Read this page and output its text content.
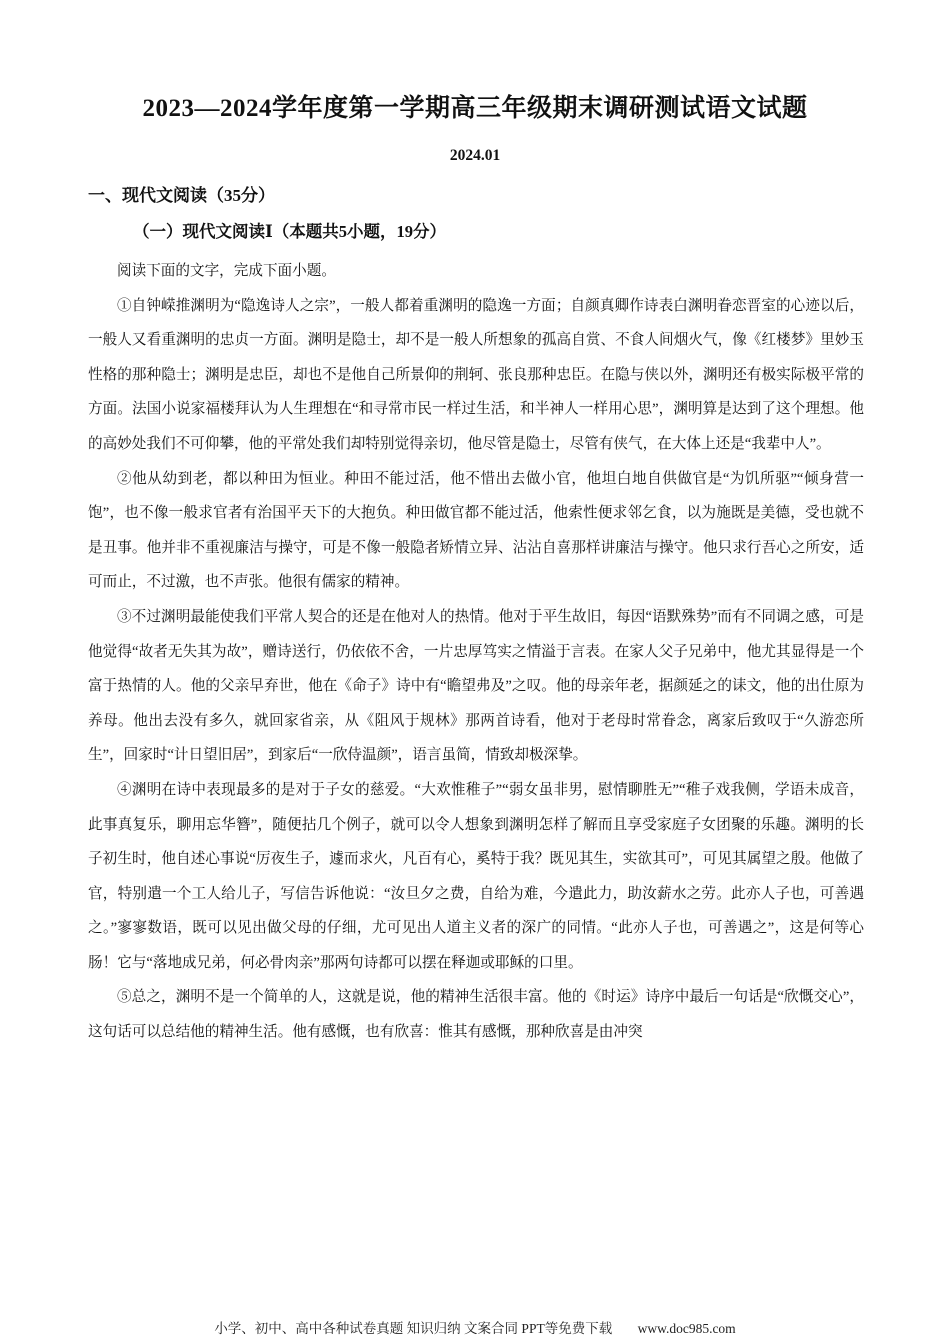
2023—2024学年度第一学期高三年级期末调研测试语文试题
2024.01
一、现代文阅读（35分）
（一）现代文阅读Ⅰ（本题共5小题，19分）

阅读下面的文字，完成下面小题。

①自钟嵘推渊明为“隐逸诗人之宗”，一般人都着重渊明的隐逸一方面；自颜真卿作诗表白渊明眷恋晋室的心迹以后，一般人又看重渊明的忠贞一方面。渊明是隐士，却不是一般人所想象的孤高自赏、不食人间烟火气，像《红楼梦》里妙玉性格的那种隐士；渊明是忠臣，却也不是他自己所景仰的荆轲、张良那种忠臣。在隐与侠以外，渊明还有极实际极平常的方面。法国小说家福楼拜认为人生理想在“和寻常市民一样过生活，和半神人一样用心思”，渊明算是达到了这个理想。他的高妙处我们不可仰攀，他的平常处我们却特别觉得亲切，他尽管是隐士，尽管有侠气，在大体上还是“我辈中人”。

②他从幼到老，都以种田为恒业。种田不能过活，他不惜出去做小官，他坦白地自供做官是“为饥所驱”“倾身营一饱”，也不像一般求官者有治国平天下的大抱负。种田做官都不能过活，他索性便求邻乞食，以为施既是美德，受也就不是丑事。他并非不重视廉洁与操守，可是不像一般隐者矫情立异、沾沾自喜那样讲廉洁与操守。他只求行吾心之所安，适可而止，不过激，也不声张。他很有儒家的精神。

③不过渊明最能使我们平常人契合的还是在他对人的热情。他对于平生故旧，每因“语默殊势”而有不同调之感，可是他觉得“故者无失其为故”，赠诗送行，仍依依不舍，一片忠厚笃实之情溢于言表。在家人父子兄弟中，他尤其显得是一个富于热情的人。他的父亲早弃世，他在《命子》诗中有“瞻望弗及”之叹。他的母亲年老，据颜延之的诔文，他的出仕原为养母。他出去没有多久，就回家省亲，从《阻风于规林》那两首诗看，他对于老母时常眷念，离家后致叹于“久游恋所生”，回家时“计日望旧居”，到家后“一欣侍温颜”，语言虽简，情致却极深挚。

④渊明在诗中表现最多的是对于子女的慈爱。“大欢惟稚子”“弱女虽非男，慰情聊胜无”“稚子戏我侧，学语未成音，此事真复乐，聊用忘华簪”，随便拈几个例子，就可以令人想象到渊明怎样了解而且享受家庭子女团聚的乐趣。渊明的长子初生时，他自述心事说“厉夜生子，遽而求火，凡百有心，奚特于我？既见其生，实欲其可”，可见其属望之殷。他做了官，特别遣一个工人给儿子，写信告诉他说：“汝旦夕之费，自给为难，今遣此力，助汝薪水之劳。此亦人子也，可善遇之。”寥寥数语，既可以见出做父母的仔细，尤可见出人道主义者的深广的同情。“此亦人子也，可善遇之”，这是何等心肠！它与“落地成兄弟，何必骨肉亲”那两句诗都可以摆在释迦或耶稣的口里。

⑤总之，渊明不是一个简单的人，这就是说，他的精神生活很丰富。他的《时运》诗序中最后一句话是“欣慨交心”，这句话可以总结他的精神生活。他有感慨，也有欣喜：惟其有感慨，那种欣喜是由冲突

小学、初中、高中各种试卷真题 知识归纳 文案合同 PPT等免费下载 www.doc985.com
